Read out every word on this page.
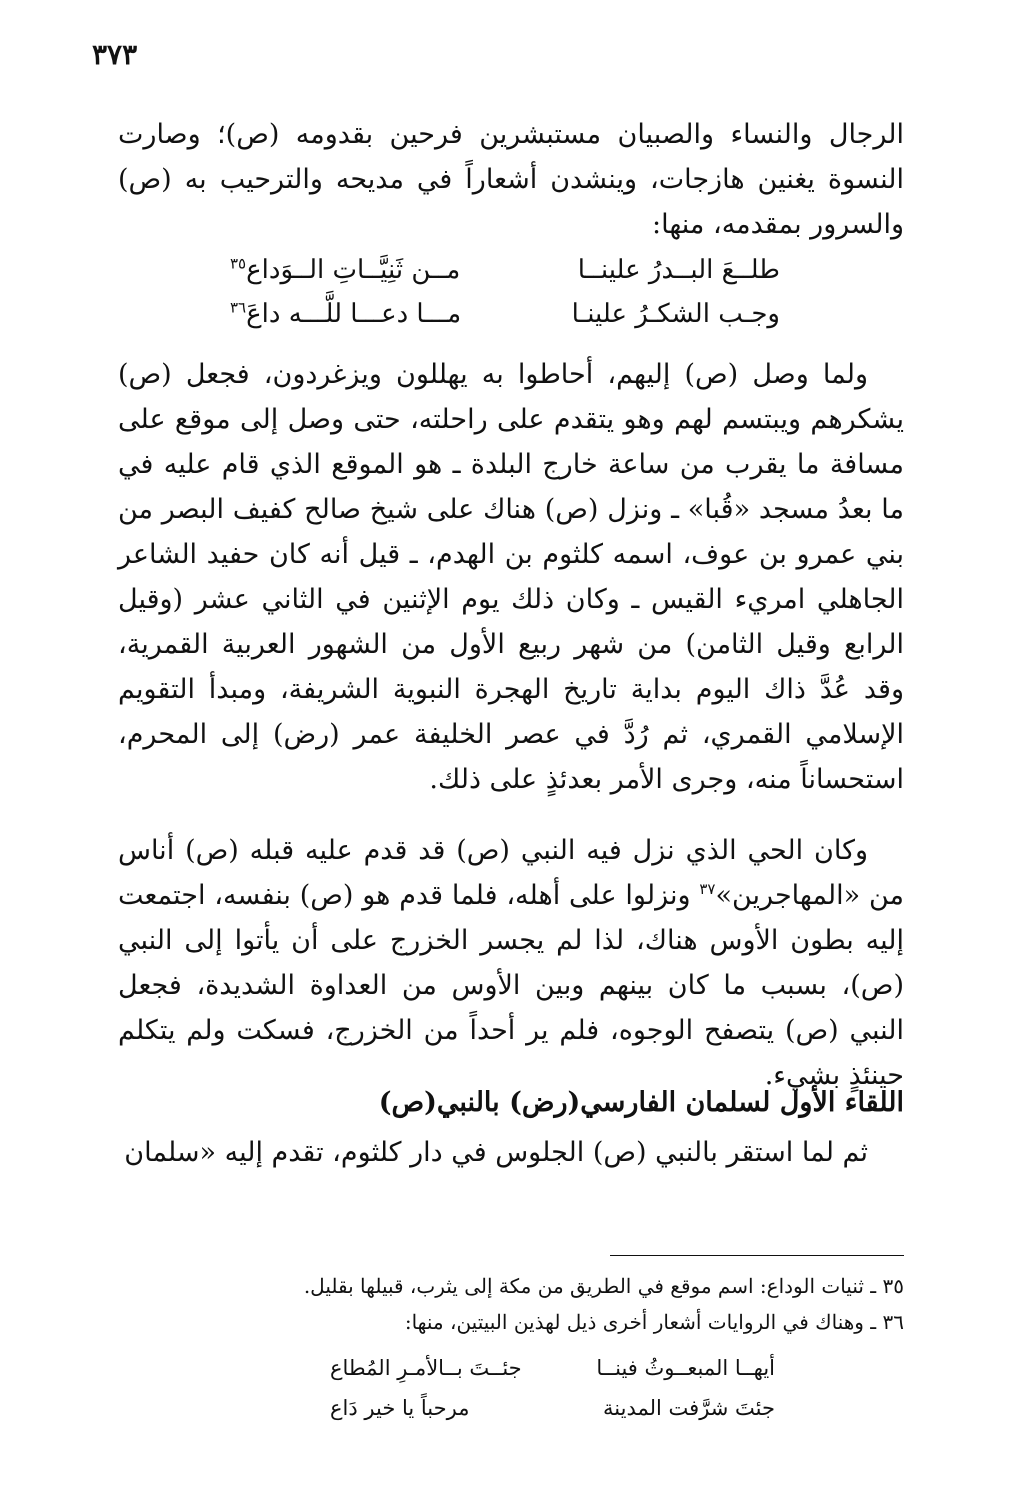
٣٧٣
الرجال والنساء والصبيان مستبشرين فرحين بقدومه (ص)؛ وصارت النسوة يغنين هازجات، وينشدن أشعاراً في مديحه والترحيب به (ص) والسرور بمقدمه، منها:
طلــعَ البــدرُ علينــا
مــن ثَنِيَّــاتِ الــوَداع$^{٣٥}$
وجـب الشكـرُ علينـا
مـــا دعـــا للَّـــه داعَ$^{٣٦}$
ولما وصل (ص) إليهم، أحاطوا به يهللون ويزغردون، فجعل (ص) يشكرهم ويبتسم لهم وهو يتقدم على راحلته، حتى وصل إلى موقع على مسافة ما يقرب من ساعة خارج البلدة ـ هو الموقع الذي قام عليه في ما بعدُ مسجد «قُبا» ـ ونزل (ص) هناك على شيخ صالح كفيف البصر من بني عمرو بن عوف، اسمه كلثوم بن الهدم، ـ قيل أنه كان حفيد الشاعر الجاهلي امريء القيس ـ وكان ذلك يوم الإثنين في الثاني عشر (وقيل الرابع وقيل الثامن) من شهر ربيع الأول من الشهور العربية القمرية، وقد عُدَّ ذاك اليوم بداية تاريخ الهجرة النبوية الشريفة، ومبدأ التقويم الإسلامي القمري، ثم رُدَّ في عصر الخليفة عمر (رض) إلى المحرم، استحساناً منه، وجرى الأمر بعدئذٍ على ذلك.
وكان الحي الذي نزل فيه النبي (ص) قد قدم عليه قبله (ص) أناس من «المهاجرين»$^{٣٧}$ ونزلوا على أهله، فلما قدم هو (ص) بنفسه، اجتمعت إليه بطون الأوس هناك، لذا لم يجسر الخزرج على أن يأتوا إلى النبي (ص)، بسبب ما كان بينهم وبين الأوس من العداوة الشديدة، فجعل النبي (ص) يتصفح الوجوه، فلم ير أحداً من الخزرج، فسكت ولم يتكلم حينئذٍ بشيء.
اللقاء الأول لسلمان الفارسي(رض) بالنبي(ص)
ثم لما استقر بالنبي (ص) الجلوس في دار كلثوم، تقدم إليه «سلمان
٣٥ ـ ثنيات الوداع: اسم موقع في الطريق من مكة إلى يثرب، قبيلها بقليل.
٣٦ ـ وهناك في الروايات أشعار أخرى ذيل لهذين البيتين، منها:
أيهــا المبعــوثُ فينــا
جئــتَ بــالأمـرِ المُطاع
جئتَ شرَّفت المدينة
مرحباً يا خير دَاع
